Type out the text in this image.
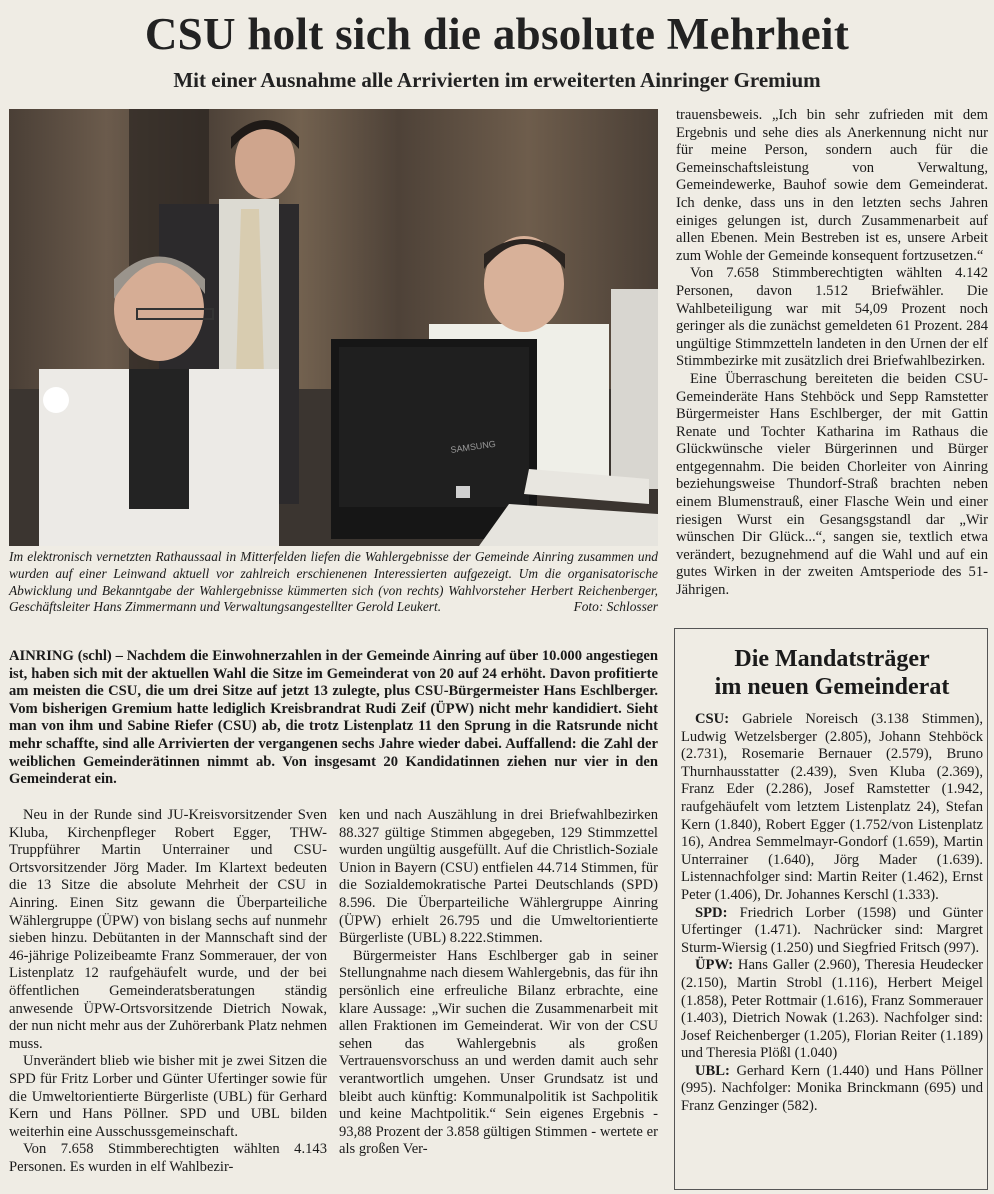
CSU holt sich die absolute Mehrheit
Mit einer Ausnahme alle Arrivierten im erweiterten Ainringer Gremium
SAMSUNG
Im elektronisch vernetzten Rathaussaal in Mitterfelden liefen die Wahlergebnisse der Gemeinde Ainring zusammen und wurden auf einer Leinwand aktuell vor zahlreich erschienenen Interessierten aufgezeigt. Um die organisatorische Abwicklung und Bekanntgabe der Wahlergebnisse kümmerten sich (von rechts) Wahlvorsteher Herbert Reichenberger, Geschäftsleiter Hans Zimmermann und Verwaltungsangestellter Gerold Leukert.	Foto: Schlosser
AINRING (schl) – Nachdem die Einwohnerzahlen in der Gemeinde Ainring auf über 10.000 angestiegen ist, haben sich mit der aktuellen Wahl die Sitze im Gemeinderat von 20 auf 24 erhöht. Davon profitierte am meisten die CSU, die um drei Sitze auf jetzt 13 zulegte, plus CSU-Bürgermeister Hans Eschlberger. Vom bisherigen Gremium hatte lediglich Kreisbrandrat Rudi Zeif (ÜPW) nicht mehr kandidiert. Sieht man von ihm und Sabine Riefer (CSU) ab, die trotz Listenplatz 11 den Sprung in die Ratsrunde nicht mehr schaffte, sind alle Arrivierten der vergangenen sechs Jahre wieder dabei. Auffallend: die Zahl der weiblichen Gemeinderätinnen nimmt ab. Von insgesamt 20 Kandidatinnen ziehen nur vier in den Gemeinderat ein.

Neu in der Runde sind JU-Kreisvorsitzender Sven Kluba, Kirchenpfleger Robert Egger, THW-Truppführer Martin Unterrainer und CSU-Ortsvorsitzender Jörg Mader. Im Klartext bedeuten die 13 Sitze die absolute Mehrheit der CSU in Ainring. Einen Sitz gewann die Überparteiliche Wählergruppe (ÜPW) von bislang sechs auf nunmehr sieben hinzu. Debütanten in der Mannschaft sind der 46-jährige Polizeibeamte Franz Sommerauer, der von Listenplatz 12 raufgehäufelt wurde, und der bei öffentlichen Gemeinderatsberatungen ständig anwesende ÜPW-Ortsvorsitzende Dietrich Nowak, der nun nicht mehr aus der Zuhörerbank Platz nehmen muss.

Unverändert blieb wie bisher mit je zwei Sitzen die SPD für Fritz Lorber und Günter Ufertinger sowie für die Umweltorientierte Bürgerliste (UBL) für Gerhard Kern und Hans Pöllner. SPD und UBL bilden weiterhin eine Ausschussgemeinschaft.

Von 7.658 Stimmberechtigten wählten 4.143 Personen. Es wurden in elf Wahlbezir-

ken und nach Auszählung in drei Briefwahlbezirken 88.327 gültige Stimmen abgegeben, 129 Stimmzettel wurden ungültig ausgefüllt. Auf die Christlich-Soziale Union in Bayern (CSU) entfielen 44.714 Stimmen, für die Sozialdemokratische Partei Deutschlands (SPD) 8.596. Die Überparteiliche Wählergruppe Ainring (ÜPW) erhielt 26.795 und die Umweltorientierte Bürgerliste (UBL) 8.222.Stimmen.

Bürgermeister Hans Eschlberger gab in seiner Stellungnahme nach diesem Wahlergebnis, das für ihn persönlich eine erfreuliche Bilanz erbrachte, eine klare Aussage: „Wir suchen die Zusammenarbeit mit allen Fraktionen im Gemeinderat. Wir von der CSU sehen das Wahlergebnis als großen Vertrauensvorschuss an und werden damit auch sehr verantwortlich umgehen. Unser Grundsatz ist und bleibt auch künftig: Kommunalpolitik ist Sachpolitik und keine Machtpolitik.“ Sein eigenes Ergebnis - 93,88 Prozent der 3.858 gültigen Stimmen - wertete er als großen Ver-

trauensbeweis. „Ich bin sehr zufrieden mit dem Ergebnis und sehe dies als Anerkennung nicht nur für meine Person, sondern auch für die Gemeinschaftsleistung von Verwaltung, Gemeindewerke, Bauhof sowie dem Gemeinderat. Ich denke, dass uns in den letzten sechs Jahren einiges gelungen ist, durch Zusammenarbeit auf allen Ebenen. Mein Bestreben ist es, unsere Arbeit zum Wohle der Gemeinde konsequent fortzusetzen.“

Von 7.658 Stimmberechtigten wählten 4.142 Personen, davon 1.512 Briefwähler. Die Wahlbeteiligung war mit 54,09 Prozent noch geringer als die zunächst gemeldeten 61 Prozent. 284 ungültige Stimmzetteln landeten in den Urnen der elf Stimmbezirke mit zusätzlich drei Briefwahlbezirken.

Eine Überraschung bereiteten die beiden CSU-Gemeinderäte Hans Stehböck und Sepp Ramstetter Bürgermeister Hans Eschlberger, der mit Gattin Renate und Tochter Katharina im Rathaus die Glückwünsche vieler Bürgerinnen und Bürger entgegennahm. Die beiden Chorleiter von Ainring beziehungsweise Thundorf-Straß brachten neben einem Blumenstrauß, einer Flasche Wein und einer riesigen Wurst ein Gesangsgstandl dar „Wir wünschen Dir Glück...“, sangen sie, textlich etwa verändert, bezugnehmend auf die Wahl und auf ein gutes Wirken in der zweiten Amtsperiode des 51-Jährigen.

Die Mandatsträger
im neuen Gemeinderat

CSU: Gabriele Noreisch (3.138 Stimmen), Ludwig Wetzelsberger (2.805), Johann Stehböck (2.731), Rosemarie Bernauer (2.579), Bruno Thurnhausstatter (2.439), Sven Kluba (2.369), Franz Eder (2.286), Josef Ramstetter (1.942, raufgehäufelt vom letztem Listenplatz 24), Stefan Kern (1.840), Robert Egger (1.752/von Listenplatz 16), Andrea Semmelmayr-Gondorf (1.659), Martin Unterrainer (1.640), Jörg Mader (1.639). Listennachfolger sind: Martin Reiter (1.462), Ernst Peter (1.406), Dr. Johannes Kerschl (1.333).

SPD: Friedrich Lorber (1598) und Günter Ufertinger (1.471). Nachrücker sind: Margret Sturm-Wiersig (1.250) und Siegfried Fritsch (997).

ÜPW: Hans Galler (2.960), Theresia Heudecker (2.150), Martin Strobl (1.116), Herbert Meigel (1.858), Peter Rottmair (1.616), Franz Sommerauer (1.403), Dietrich Nowak (1.263). Nachfolger sind: Josef Reichenberger (1.205), Florian Reiter (1.189) und Theresia Plößl (1.040)

UBL: Gerhard Kern (1.440) und Hans Pöllner (995). Nachfolger: Monika Brinckmann (695) und Franz Genzinger (582).
